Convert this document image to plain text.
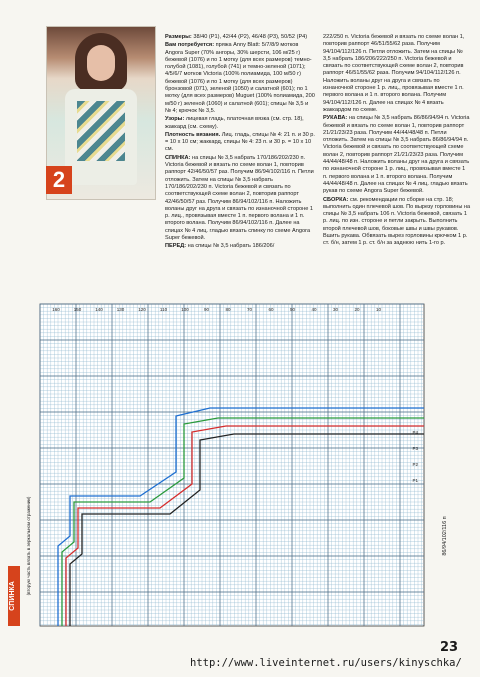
2

Размеры: 38/40 (P1), 42/44 (P2), 46/48 (P3), 50/52 (P4)

Вам потребуется: пряжа Anny Blatt: 5/7/8/9 мотков Angora Super (70% ангоры, 30% шерсти, 106 м/25 г) бежевой (1076) и по 1 мотку (для всех размеров) темно-голубой (1081), голубой (741) и темно-зеленой (1071); 4/5/6/7 мотков Victoria (100% полиамида, 100 м/50 г) бежевой (1076) и по 1 мотку (для всех размеров) бронзовой (071), зеленой (1050) и салатной (601); по 1 мотку (для всех размеров) Muguet (100% полиамида, 200 м/50 г) зеленой (1060) и салатной (601); спицы № 3,5 и № 4; крючок № 3,5.

Узоры: лицевая гладь, платочная вязка (см. стр. 18), жаккард (см. схему).

Плотность вязания. Лиц. гладь, спицы № 4: 21 п. и 30 р. = 10 х 10 см; жаккард, спицы № 4: 23 п. и 30 р. = 10 х 10 см.

СПИНКА: на спицы № 3,5 набрать 170/186/202/230 п. Victoria бежевой и вязать по схеме волан 1, повторив раппорт 42/46/50/57 раз. Получим 86/94/102/116 п. Петли отложить. Затем на спицы № 3,5 набрать 170/186/202/230 п. Victoria бежевой и связать по соответствующей схеме волан 2, повторив раппорт 42/46/50/57 раз. Получим 86/94/102/116 п. Наложить воланы друг на друга и связать по изнаночной стороне 1 р. лиц., провязывая вместе 1 п. первого волана и 1 п. второго волана. Получим 86/94/102/116 п. Далее на спицах № 4 лиц. гладью вязать спинку по схеме Angora Super бежевой.

ПЕРЕД: на спицы № 3,5 набрать 186/206/

222/250 п. Victoria бежевой и вязать по схеме волан 1, повторив раппорт 46/51/55/62 раза. Получим 94/104/112/126 п. Петли отложить. Затем на спицы № 3,5 набрать 186/206/222/250 п. Victoria бежевой и связать по соответствующей схеме волан 2, повторив раппорт 46/51/55/62 раза. Получим 94/104/112/126 п. Наложить воланы друг на друга и связать по изнаночной стороне 1 р. лиц., провязывая вместе 1 п. первого волана и 1 п. второго волана. Получим 94/104/112/126 п. Далее на спицах № 4 вязать жаккардом по схеме.

РУКАВА: на спицы № 3,5 набрать 86/86/94/94 п. Victoria бежевой и вязать по схеме волан 1, повторив раппорт 21/21/23/23 раза. Получим 44/44/48/48 п. Петли отложить. Затем на спицы № 3,5 набрать 86/86/94/94 п. Victoria бежевой и связать по соответствующей схеме волан 2, повторив раппорт 21/21/23/23 раза. Получим 44/44/48/48 п. Наложить воланы друг на друга и связать по изнаночной стороне 1 р. лиц., провязывая вместе 1 п. первого волана и 1 п. второго волана. Получим 44/44/48/48 п. Далее на спицах № 4 лиц. гладью вязать рукав по схеме Angora Super бежевой.

СБОРКА: см. рекомендации по сборке на стр. 18; выполнить один плечевой шов. По вырезу горловины на спицы № 3,5 набрать 106 п. Victoria бежевой, связать 1 р. лиц. по изн. стороне и петли закрыть. Выполнить второй плечевой шов, боковые швы и швы рукавов. Вшить рукава. Обвязать вырез горловины крючком 1 р. ст. б/н, затем 1 р. ст. б/н за заднюю нить 1-го р.

160	150	140	130	120	110	100	90	80	70	60	50	40	30	20	10
P4
P3
P2
P1
СПИНКА
(вторую часть вязать в зеркальном отражении)	86/94/102/116 п
23
http://www.liveinternet.ru/users/kinyschka/
